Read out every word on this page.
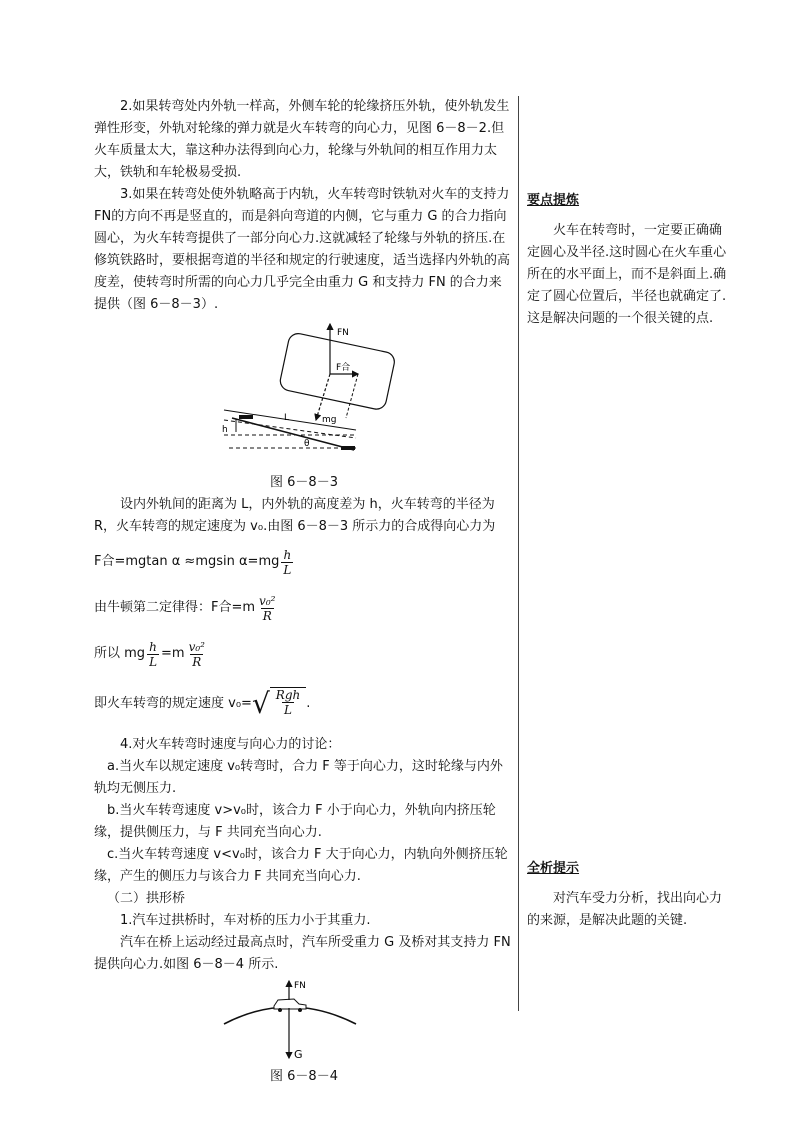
2.如果转弯处内外轨一样高，外侧车轮的轮缘挤压外轨，使外轨发生弹性形变，外轨对轮缘的弹力就是火车转弯的向心力，见图 6－8－2.但火车质量太大，靠这种办法得到向心力，轮缘与外轨间的相互作用力太大，铁轨和车轮极易受损.

3.如果在转弯处使外轨略高于内轨，火车转弯时铁轨对火车的支持力 FN的方向不再是竖直的，而是斜向弯道的内侧，它与重力 G 的合力指向圆心，为火车转弯提供了一部分向心力.这就减轻了轮缘与外轨的挤压.在修筑铁路时，要根据弯道的半径和规定的行驶速度，适当选择内外轨的高度差，使转弯时所需的向心力几乎完全由重力 G 和支持力 FN 的合力来提供（图 6－8－3）.

FN
F合
mg
L
h
θ

图 6－8－3

设内外轨间的距离为 L，内外轨的高度差为 h，火车转弯的半径为 R，火车转弯的规定速度为 v₀.由图 6－8－3 所示力的合成得向心力为

F合=mgtan α ≈mgsin $\alpha=mg \frac{h}{L}$
由牛顿第二定律得：F合$=m \frac{\text{v₀²}}{R}$
所以 mg $\frac{h}{L} =m \frac{\text{v₀²}}{R}$
即火车转弯的规定速度 v₀= √ $\frac{\text{Rgh}}{L}$ .

4.对火车转弯时速度与向心力的讨论：

a.当火车以规定速度 v₀转弯时，合力 F 等于向心力，这时轮缘与内外轨均无侧压力.

b.当火车转弯速度 v>v₀时，该合力 F 小于向心力，外轨向内挤压轮缘，提供侧压力，与 F 共同充当向心力.

c.当火车转弯速度 v<v₀时，该合力 F 大于向心力，内轨向外侧挤压轮缘，产生的侧压力与该合力 F 共同充当向心力.

（二）拱形桥

1.汽车过拱桥时，车对桥的压力小于其重力.

汽车在桥上运动经过最高点时，汽车所受重力 G 及桥对其支持力 FN提供向心力.如图 6－8－4 所示.

FN
G

图 6－8－4

要点提炼

火车在转弯时，一定要正确确定圆心及半径.这时圆心在火车重心所在的水平面上，而不是斜面上.确定了圆心位置后，半径也就确定了.这是解决问题的一个很关键的点.

全析提示

对汽车受力分析，找出向心力的来源，是解决此题的关键.
